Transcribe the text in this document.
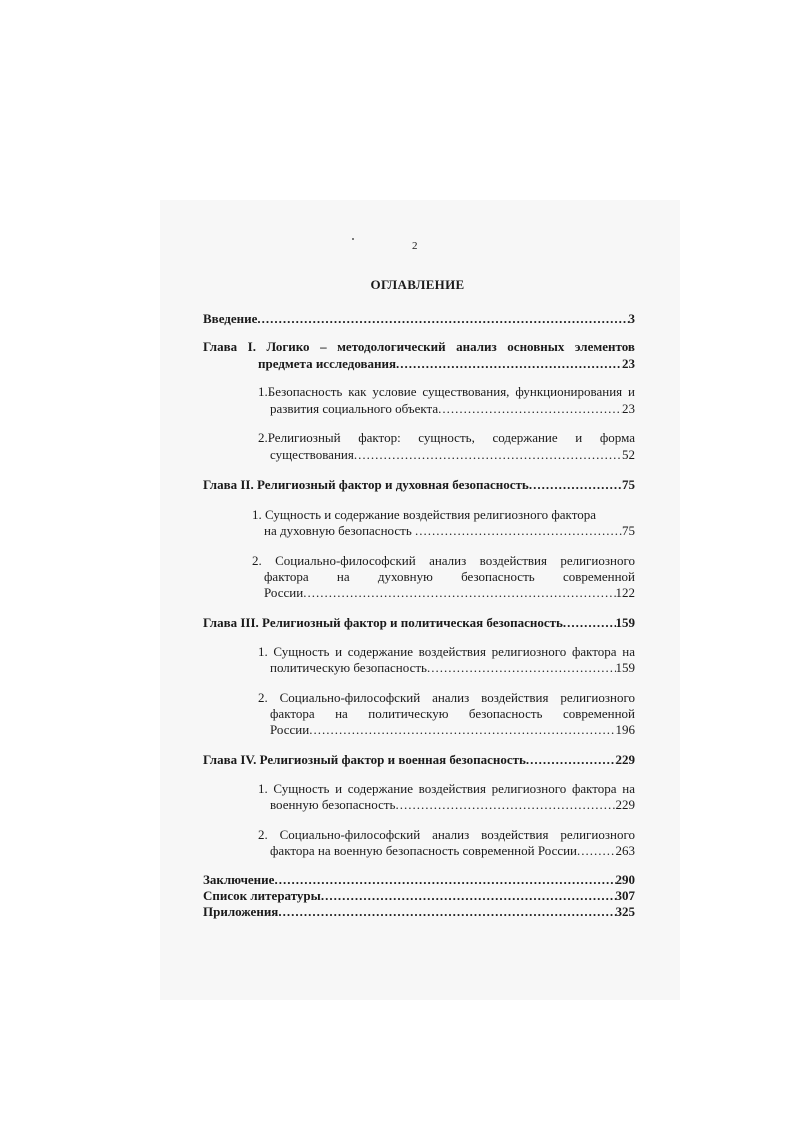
2
ОГЛАВЛЕНИЕ
Введение .....	3
Глава I. Логико – методологический анализ основных элементов
предмета исследования .....	23
1.Безопасность как условие существования, функционирования и
развития социального объекта .....	23
2.Религиозный фактор: сущность, содержание и форма
существования .....	52
Глава II. Религиозный фактор и духовная безопасность .....	75
1. Сущность и содержание воздействия религиозного фактора
на духовную безопасность .....	75
2. Социально-философский анализ воздействия религиозного
фактора на духовную безопасность современной
России .....	122
Глава III. Религиозный фактор и политическая безопасность .....	159
1. Сущность и содержание воздействия религиозного фактора на
политическую безопасность .....	159
2. Социально-философский анализ воздействия религиозного
фактора на политическую безопасность современной
России .....	196
Глава IV. Религиозный фактор и военная безопасность .....	229
1. Сущность и содержание воздействия религиозного фактора на
военную безопасность .....	229
2. Социально-философский анализ воздействия религиозного
фактора на военную безопасность современной России .....	263
Заключение .....	290
Список литературы .....	307
Приложения .....	325
